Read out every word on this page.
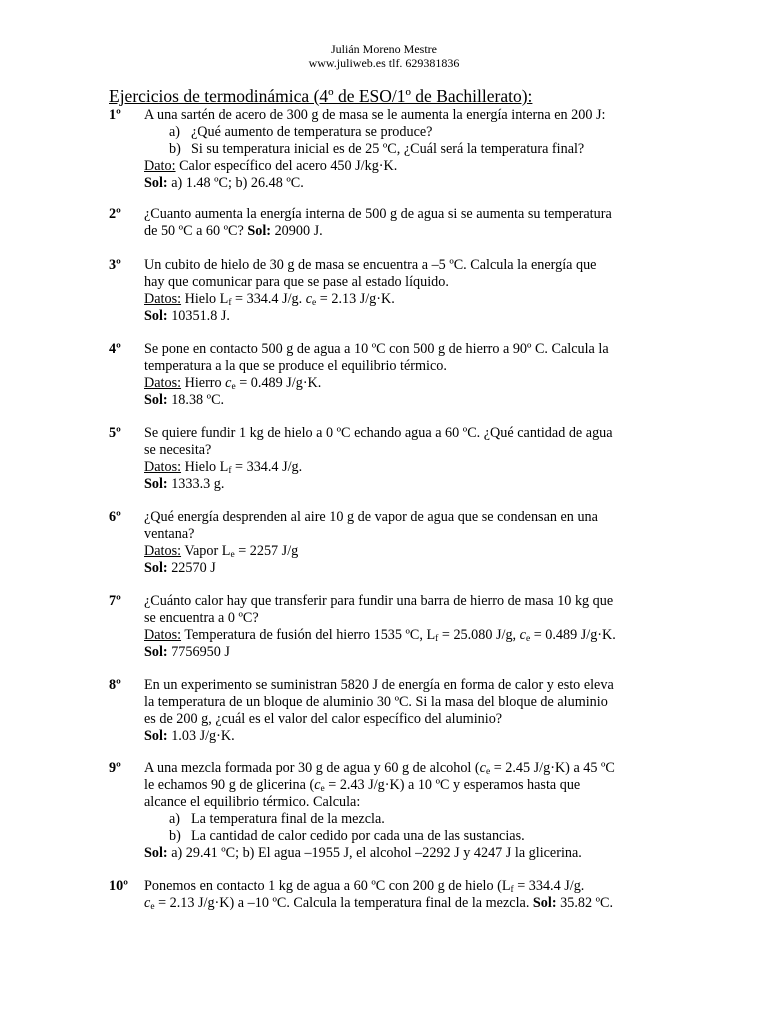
Julián Moreno Mestre
www.juliweb.es tlf. 629381836
Ejercicios de termodinámica (4º de ESO/1º de Bachillerato):
1º A una sartén de acero de 300 g de masa se le aumenta la energía interna en 200 J:
a) ¿Qué aumento de temperatura se produce?
b) Si su temperatura inicial es de 25 ºC, ¿Cuál será la temperatura final?
Dato: Calor específico del acero 450 J/kg·K.
Sol: a) 1.48 ºC; b) 26.48 ºC.
2º ¿Cuanto aumenta la energía interna de 500 g de agua si se aumenta su temperatura
de 50 ºC a 60 ºC? Sol: 20900 J.
3º Un cubito de hielo de 30 g de masa se encuentra a –5 ºC. Calcula la energía que
hay que comunicar para que se pase al estado líquido.
Datos: Hielo $L_f = 334.4$ J/g. $c_e = 2.13$ J/g·K.
Sol: 10351.8 J.
4º Se pone en contacto 500 g de agua a 10 ºC con 500 g de hierro a 90º C. Calcula la
temperatura a la que se produce el equilibrio térmico.
Datos: Hierro $c_e = 0.489$ J/g·K.
Sol: 18.38 ºC.
5º Se quiere fundir 1 kg de hielo a 0 ºC echando agua a 60 ºC. ¿Qué cantidad de agua
se necesita?
Datos: Hielo $L_f = 334.4$ J/g.
Sol: 1333.3 g.
6º ¿Qué energía desprenden al aire 10 g de vapor de agua que se condensan en una
ventana?
Datos: Vapor $L_e = 2257$ J/g
Sol: 22570 J
7º ¿Cuánto calor hay que transferir para fundir una barra de hierro de masa 10 kg que
se encuentra a 0 ºC?
Datos: Temperatura de fusión del hierro 1535 ºC, $L_f = 25.080$ J/g, $c_e = 0.489$ J/g·K.
Sol: 7756950 J
8º En un experimento se suministran 5820 J de energía en forma de calor y esto eleva
la temperatura de un bloque de aluminio 30 ºC. Si la masa del bloque de aluminio
es de 200 g, ¿cuál es el valor del calor específico del aluminio?
Sol: 1.03 J/g·K.
9º A una mezcla formada por 30 g de agua y 60 g de alcohol ($c_e = 2.45$ J/g·K) a 45 ºC
le echamos 90 g de glicerina ($c_e = 2.43$ J/g·K) a 10 ºC y esperamos hasta que
alcance el equilibrio térmico. Calcula:
a) La temperatura final de la mezcla.
b) La cantidad de calor cedido por cada una de las sustancias.
Sol: a) 29.41 ºC; b) El agua –1955 J, el alcohol –2292 J y 4247 J la glicerina.
10º Ponemos en contacto 1 kg de agua a 60 ºC con 200 g de hielo ($L_f = 334.4$ J/g.
$c_e = 2.13$ J/g·K) a –10 ºC. Calcula la temperatura final de la mezcla. Sol: 35.82 ºC.
